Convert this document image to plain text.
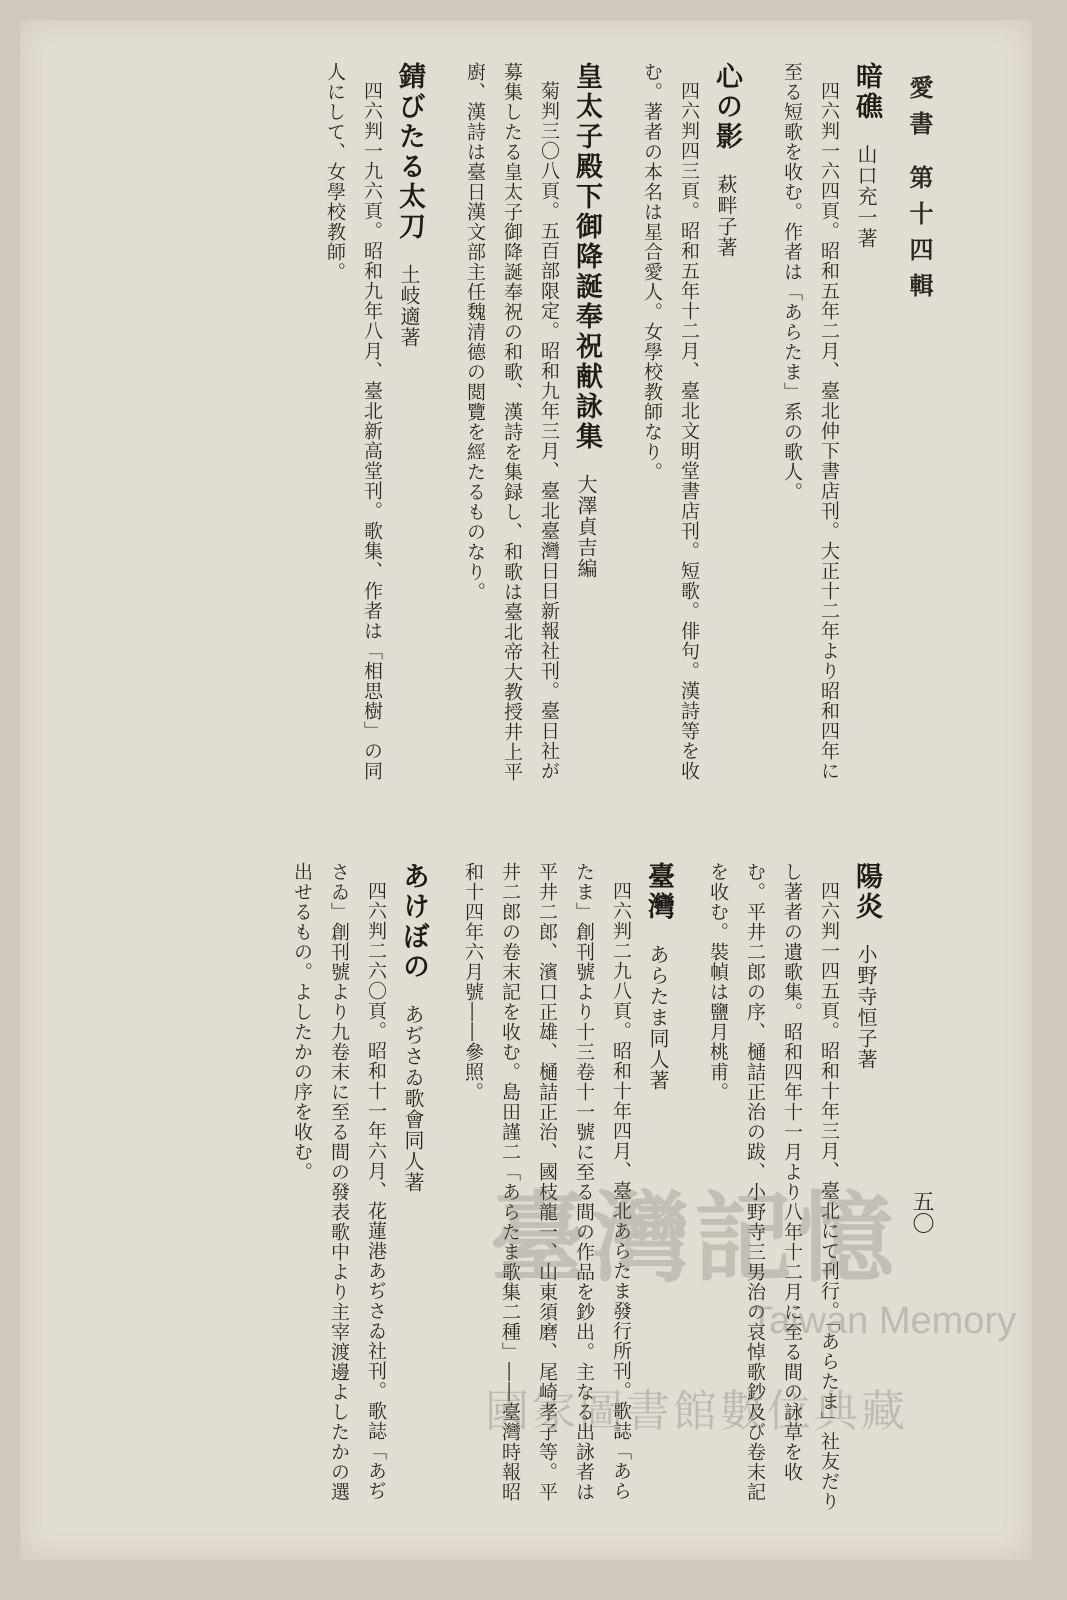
愛書第十四輯
五〇
暗礁山口充一著

四六判一六四頁。昭和五年二月、臺北仲下書店刊。大正十二年より昭和四年に至る短歌を收む。作者は「あらたま」系の歌人。

心の影萩畔子著

四六判四三頁。昭和五年十二月、臺北文明堂書店刊。短歌。俳句。漢詩等を收む。著者の本名は星合愛人。女學校教師なり。

皇太子殿下御降誕奉祝献詠集大澤貞吉編

菊判三〇八頁。五百部限定。昭和九年三月、臺北臺灣日日新報社刊。臺日社が募集したる皇太子御降誕奉祝の和歌、漢詩を集録し、和歌は臺北帝大教授井上平廚、漢詩は臺日漢文部主任魏清德の閲覽を經たるものなり。

錆びたる太刀土岐適著

四六判一九六頁。昭和九年八月、臺北新高堂刊。歌集、作者は「相思樹」の同人にして、女學校教師。

陽炎小野寺恒子著

四六判一四五頁。昭和十年三月、臺北にて刊行。「あらたま」社友だりし著者の遺歌集。昭和四年十一月より八年十二月に至る間の詠草を收む。平井二郎の序、樋詰正治の跋、小野寺三男治の哀悼歌鈔及び卷末記を收む。裝幀は鹽月桃甫。

臺灣あらたま同人著

四六判二九八頁。昭和十年四月、臺北あらたま發行所刊。歌誌「あらたま」創刊號より十三卷十一號に至る間の作品を鈔出。主なる出詠者は平井二郎、濱口正雄、樋詰正治、國枝龍一、山東須磨、尾崎孝子等。平井二郎の卷末記を收む。島田謹二「あらたま歌集二種」――臺灣時報昭和十四年六月號――參照。

あけぼのあぢさゐ歌會同人著

四六判二六〇頁。昭和十一年六月、花蓮港あぢさゐ社刊。歌誌「あぢさゐ」創刊號より九卷末に至る間の發表歌中より主宰渡邊よしたかの選出せるもの。よしたかの序を收む。

臺灣記憶
Taiwan Memory
國家圖書館數位典藏
